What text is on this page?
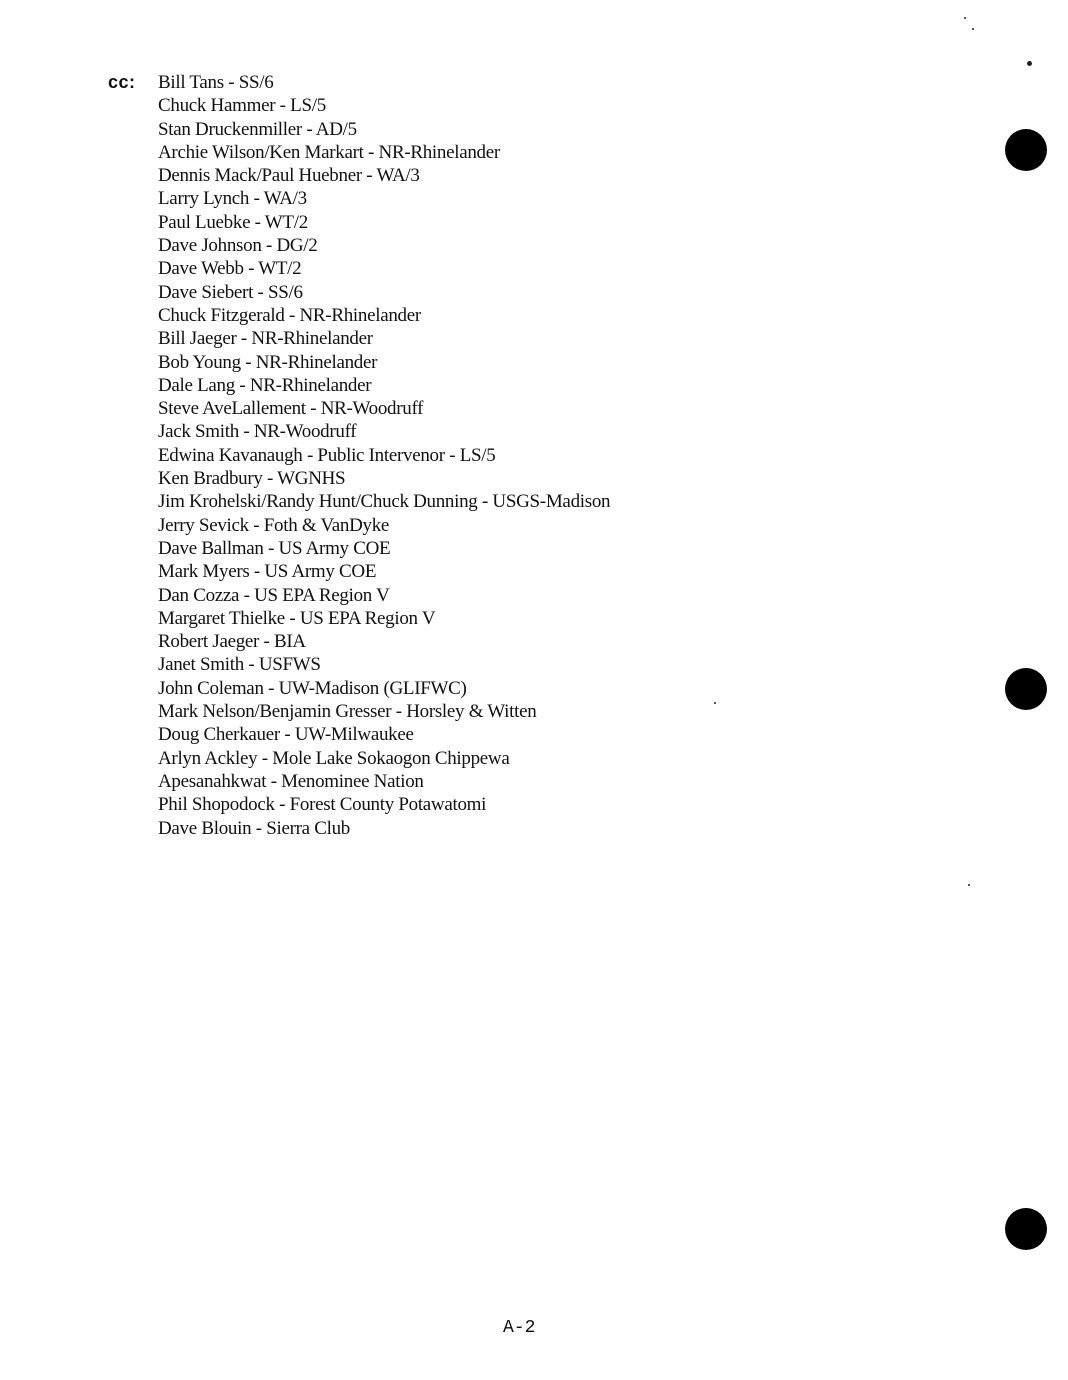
cc: Bill Tans - SS/6
Chuck Hammer - LS/5
Stan Druckenmiller - AD/5
Archie Wilson/Ken Markart - NR-Rhinelander
Dennis Mack/Paul Huebner - WA/3
Larry Lynch - WA/3
Paul Luebke - WT/2
Dave Johnson - DG/2
Dave Webb - WT/2
Dave Siebert - SS/6
Chuck Fitzgerald - NR-Rhinelander
Bill Jaeger - NR-Rhinelander
Bob Young - NR-Rhinelander
Dale Lang - NR-Rhinelander
Steve AveLallement - NR-Woodruff
Jack Smith - NR-Woodruff
Edwina Kavanaugh - Public Intervenor - LS/5
Ken Bradbury - WGNHS
Jim Krohelski/Randy Hunt/Chuck Dunning - USGS-Madison
Jerry Sevick - Foth & VanDyke
Dave Ballman - US Army COE
Mark Myers - US Army COE
Dan Cozza - US EPA Region V
Margaret Thielke - US EPA Region V
Robert Jaeger - BIA
Janet Smith - USFWS
John Coleman - UW-Madison (GLIFWC)
Mark Nelson/Benjamin Gresser - Horsley & Witten
Doug Cherkauer - UW-Milwaukee
Arlyn Ackley - Mole Lake Sokaogon Chippewa
Apesanahkwat - Menominee Nation
Phil Shopodock - Forest County Potawatomi
Dave Blouin - Sierra Club
A-2
